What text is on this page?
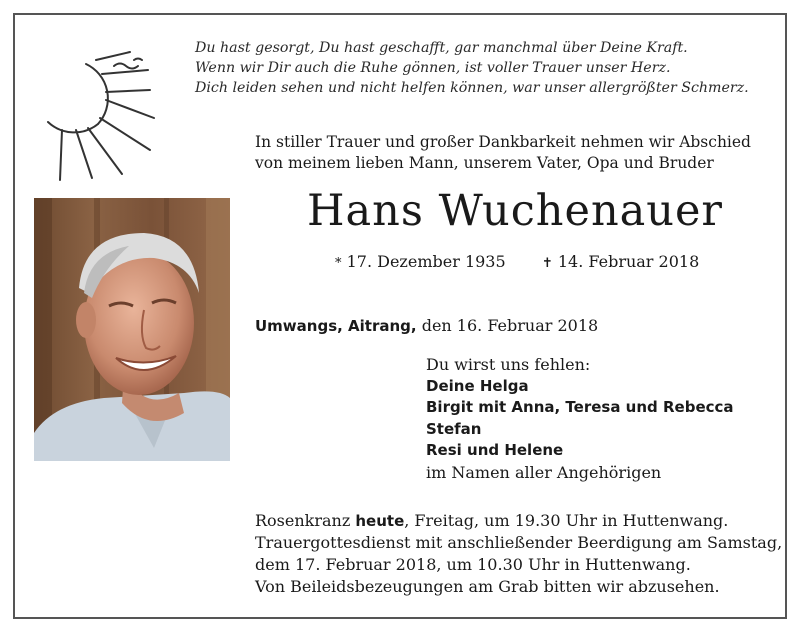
Du hast gesorgt, Du hast geschafft, gar manchmal über Deine Kraft.
Wenn wir Dir auch die Ruhe gönnen, ist voller Trauer unser Herz.
Dich leiden sehen und nicht helfen können, war unser allergrößter Schmerz.
In stiller Trauer und großer Dankbarkeit nehmen wir Abschied
von meinem lieben Mann, unserem Vater, Opa und Bruder
Hans Wuchenauer
* 17. Dezember 1935	✝ 14. Februar 2018
Umwangs, Aitrang, den 16. Februar 2018
Du wirst uns fehlen:
Deine Helga
Birgit mit Anna, Teresa und Rebecca
Stefan
Resi und Helene
im Namen aller Angehörigen
Rosenkranz heute, Freitag, um 19.30 Uhr in Huttenwang.
Trauergottesdienst mit anschließender Beerdigung am Samstag,
dem 17. Februar 2018, um 10.30 Uhr in Huttenwang.
Von Beileidsbezeugungen am Grab bitten wir abzusehen.
